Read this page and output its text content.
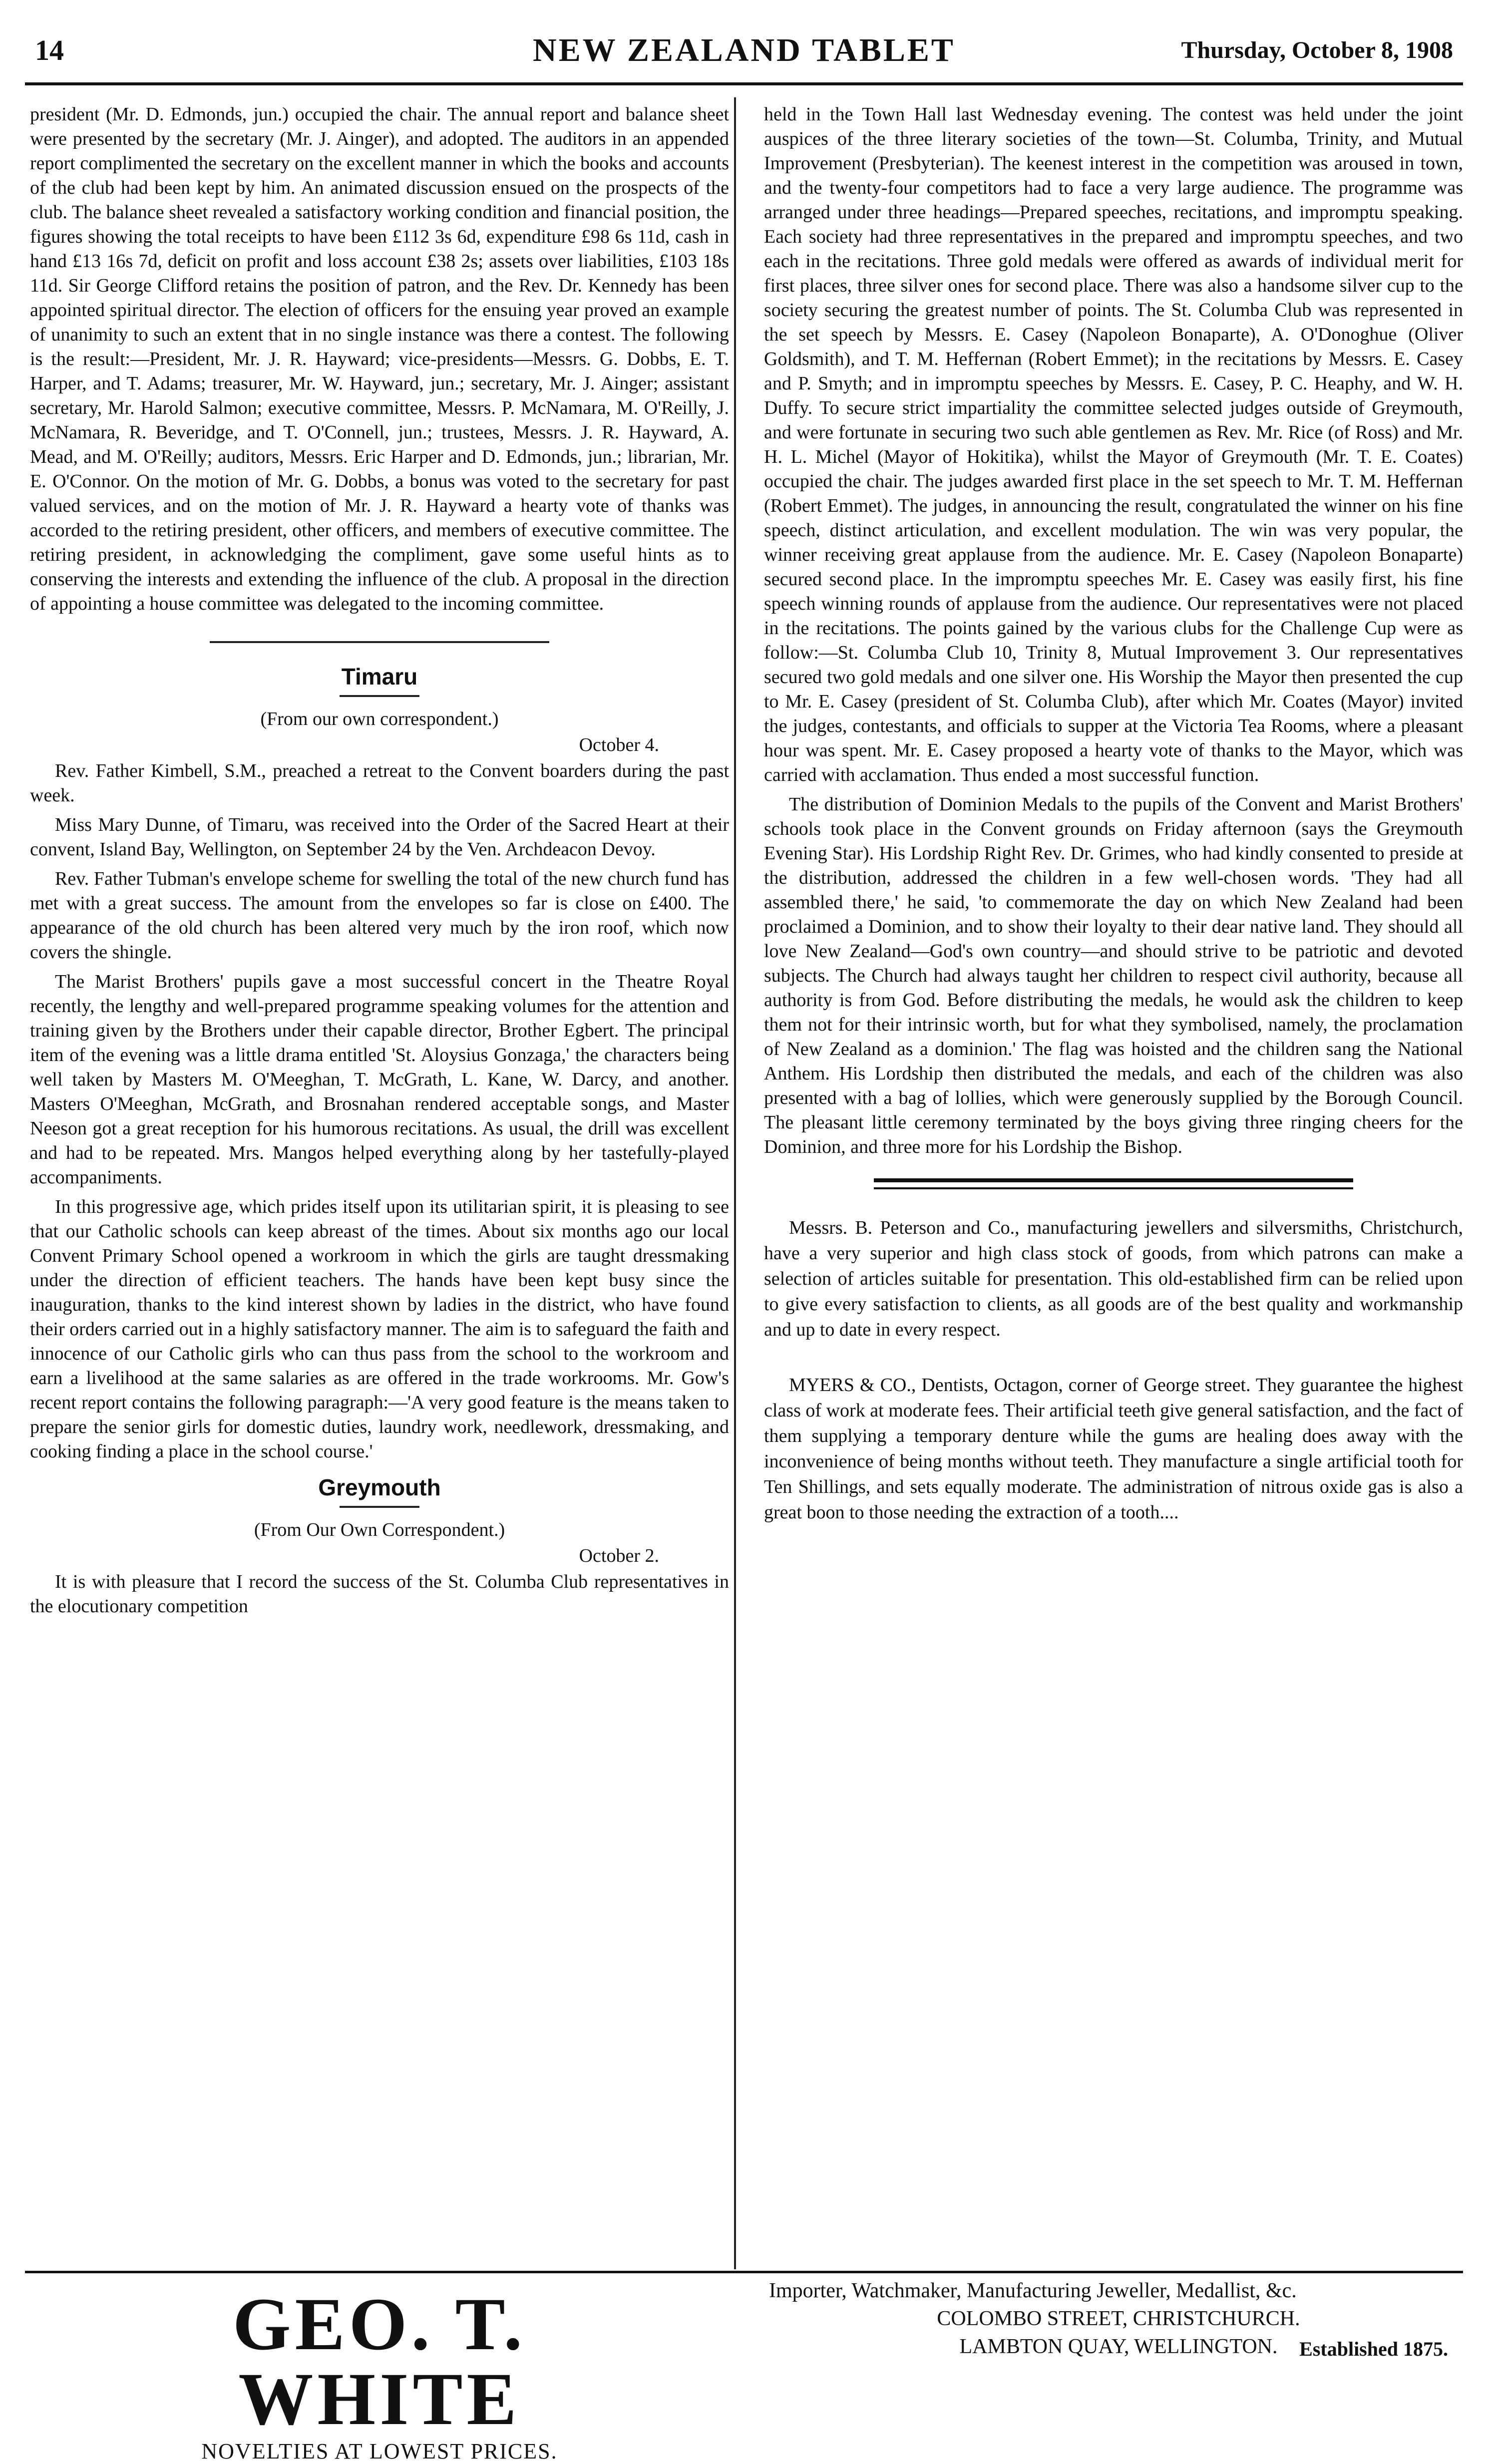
14	NEW ZEALAND TABLET	Thursday, October 8, 1908

president (Mr. D. Edmonds, jun.) occupied the chair. The annual report and balance sheet were presented by the secretary (Mr. J. Ainger), and adopted. The auditors in an appended report complimented the secretary on the excellent manner in which the books and accounts of the club had been kept by him. An animated discussion ensued on the prospects of the club. The balance sheet revealed a satisfactory working condition and financial position, the figures showing the total receipts to have been £112 3s 6d, expenditure £98 6s 11d, cash in hand £13 16s 7d, deficit on profit and loss account £38 2s; assets over liabilities, £103 18s 11d. Sir George Clifford retains the position of patron, and the Rev. Dr. Kennedy has been appointed spiritual director. The election of officers for the ensuing year proved an example of unanimity to such an extent that in no single instance was there a contest. The following is the result:—President, Mr. J. R. Hayward; vice-presidents—Messrs. G. Dobbs, E. T. Harper, and T. Adams; treasurer, Mr. W. Hayward, jun.; secretary, Mr. J. Ainger; assistant secretary, Mr. Harold Salmon; executive committee, Messrs. P. McNamara, M. O'Reilly, J. McNamara, R. Beveridge, and T. O'Connell, jun.; trustees, Messrs. J. R. Hayward, A. Mead, and M. O'Reilly; auditors, Messrs. Eric Harper and D. Edmonds, jun.; librarian, Mr. E. O'Connor. On the motion of Mr. G. Dobbs, a bonus was voted to the secretary for past valued services, and on the motion of Mr. J. R. Hayward a hearty vote of thanks was accorded to the retiring president, other officers, and members of executive committee. The retiring president, in acknowledging the compliment, gave some useful hints as to conserving the interests and extending the influence of the club. A proposal in the direction of appointing a house committee was delegated to the incoming committee.

Timaru
(From our own correspondent.)
October 4.

Rev. Father Kimbell, S.M., preached a retreat to the Convent boarders during the past week.

Miss Mary Dunne, of Timaru, was received into the Order of the Sacred Heart at their convent, Island Bay, Wellington, on September 24 by the Ven. Archdeacon Devoy.

Rev. Father Tubman's envelope scheme for swelling the total of the new church fund has met with a great success. The amount from the envelopes so far is close on £400. The appearance of the old church has been altered very much by the iron roof, which now covers the shingle.

The Marist Brothers' pupils gave a most successful concert in the Theatre Royal recently, the lengthy and well-prepared programme speaking volumes for the attention and training given by the Brothers under their capable director, Brother Egbert. The principal item of the evening was a little drama entitled 'St. Aloysius Gonzaga,' the characters being well taken by Masters M. O'Meeghan, T. McGrath, L. Kane, W. Darcy, and another. Masters O'Meeghan, McGrath, and Brosnahan rendered acceptable songs, and Master Neeson got a great reception for his humorous recitations. As usual, the drill was excellent and had to be repeated. Mrs. Mangos helped everything along by her tastefully-played accompaniments.

In this progressive age, which prides itself upon its utilitarian spirit, it is pleasing to see that our Catholic schools can keep abreast of the times. About six months ago our local Convent Primary School opened a workroom in which the girls are taught dressmaking under the direction of efficient teachers. The hands have been kept busy since the inauguration, thanks to the kind interest shown by ladies in the district, who have found their orders carried out in a highly satisfactory manner. The aim is to safeguard the faith and innocence of our Catholic girls who can thus pass from the school to the workroom and earn a livelihood at the same salaries as are offered in the trade workrooms. Mr. Gow's recent report contains the following paragraph:—'A very good feature is the means taken to prepare the senior girls for domestic duties, laundry work, needlework, dressmaking, and cooking finding a place in the school course.'

Greymouth
(From Our Own Correspondent.)
October 2.

It is with pleasure that I record the success of the St. Columba Club representatives in the elocutionary competition

held in the Town Hall last Wednesday evening. The contest was held under the joint auspices of the three literary societies of the town—St. Columba, Trinity, and Mutual Improvement (Presbyterian). The keenest interest in the competition was aroused in town, and the twenty-four competitors had to face a very large audience. The programme was arranged under three headings—Prepared speeches, recitations, and impromptu speaking. Each society had three representatives in the prepared and impromptu speeches, and two each in the recitations. Three gold medals were offered as awards of individual merit for first places, three silver ones for second place. There was also a handsome silver cup to the society securing the greatest number of points. The St. Columba Club was represented in the set speech by Messrs. E. Casey (Napoleon Bonaparte), A. O'Donoghue (Oliver Goldsmith), and T. M. Heffernan (Robert Emmet); in the recitations by Messrs. E. Casey and P. Smyth; and in impromptu speeches by Messrs. E. Casey, P. C. Heaphy, and W. H. Duffy. To secure strict impartiality the committee selected judges outside of Greymouth, and were fortunate in securing two such able gentlemen as Rev. Mr. Rice (of Ross) and Mr. H. L. Michel (Mayor of Hokitika), whilst the Mayor of Greymouth (Mr. T. E. Coates) occupied the chair. The judges awarded first place in the set speech to Mr. T. M. Heffernan (Robert Emmet). The judges, in announcing the result, congratulated the winner on his fine speech, distinct articulation, and excellent modulation. The win was very popular, the winner receiving great applause from the audience. Mr. E. Casey (Napoleon Bonaparte) secured second place. In the impromptu speeches Mr. E. Casey was easily first, his fine speech winning rounds of applause from the audience. Our representatives were not placed in the recitations. The points gained by the various clubs for the Challenge Cup were as follow:—St. Columba Club 10, Trinity 8, Mutual Improvement 3. Our representatives secured two gold medals and one silver one. His Worship the Mayor then presented the cup to Mr. E. Casey (president of St. Columba Club), after which Mr. Coates (Mayor) invited the judges, contestants, and officials to supper at the Victoria Tea Rooms, where a pleasant hour was spent. Mr. E. Casey proposed a hearty vote of thanks to the Mayor, which was carried with acclamation. Thus ended a most successful function.

The distribution of Dominion Medals to the pupils of the Convent and Marist Brothers' schools took place in the Convent grounds on Friday afternoon (says the Greymouth Evening Star). His Lordship Right Rev. Dr. Grimes, who had kindly consented to preside at the distribution, addressed the children in a few well-chosen words. 'They had all assembled there,' he said, 'to commemorate the day on which New Zealand had been proclaimed a Dominion, and to show their loyalty to their dear native land. They should all love New Zealand—God's own country—and should strive to be patriotic and devoted subjects. The Church had always taught her children to respect civil authority, because all authority is from God. Before distributing the medals, he would ask the children to keep them not for their intrinsic worth, but for what they symbolised, namely, the proclamation of New Zealand as a dominion.' The flag was hoisted and the children sang the National Anthem. His Lordship then distributed the medals, and each of the children was also presented with a bag of lollies, which were generously supplied by the Borough Council. The pleasant little ceremony terminated by the boys giving three ringing cheers for the Dominion, and three more for his Lordship the Bishop.

Messrs. B. Peterson and Co., manufacturing jewellers and silversmiths, Christchurch, have a very superior and high class stock of goods, from which patrons can make a selection of articles suitable for presentation. This old-established firm can be relied upon to give every satisfaction to clients, as all goods are of the best quality and workmanship and up to date in every respect.

MYERS & CO., Dentists, Octagon, corner of George street. They guarantee the highest class of work at moderate fees. Their artificial teeth give general satisfaction, and the fact of them supplying a temporary denture while the gums are healing does away with the inconvenience of being months without teeth. They manufacture a single artificial tooth for Ten Shillings, and sets equally moderate. The administration of nitrous oxide gas is also a great boon to those needing the extraction of a tooth....

GEO. T. WHITE
NOVELTIES AT LOWEST PRICES.
Importer, Watchmaker, Manufacturing Jeweller, Medallist, &c.
COLOMBO STREET, CHRISTCHURCH.
LAMBTON QUAY, WELLINGTON.	Established 1875.
